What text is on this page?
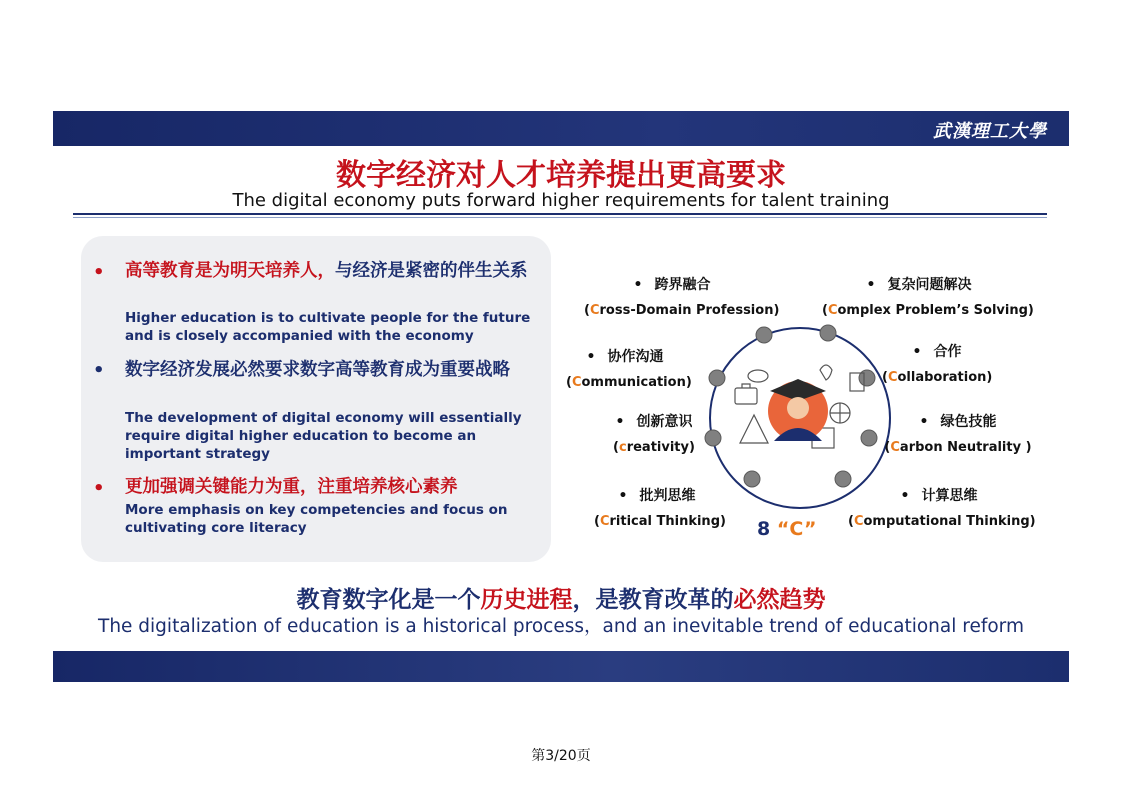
武漢理工大學
数字经济对人才培养提出更高要求
The digital economy puts forward higher requirements for talent training
• 高等教育是为明天培养人，与经济是紧密的伴生关系
Higher education is to cultivate people for the future and is closely accompanied with the economy
• 数字经济发展必然要求数字高等教育成为重要战略
The development of digital economy will essentially require digital higher education to become an important strategy
• 更加强调关键能力为重，注重培养核心素养
More emphasis on key competencies and focus on cultivating core literacy
• 跨界融合
(Cross-Domain Profession)
• 复杂问题解决
(Complex Problem’s Solving)
• 协作沟通
(Communication)
• 合作
(Collaboration)
• 创新意识
(creativity)
• 绿色技能
(Carbon Neutrality )
• 批判思维
(Critical Thinking)
• 计算思维
(Computational Thinking)
8 “C”
教育数字化是一个历史进程，是教育改革的必然趋势
The digitalization of education is a historical process，and an inevitable trend of educational reform
第3/20页
